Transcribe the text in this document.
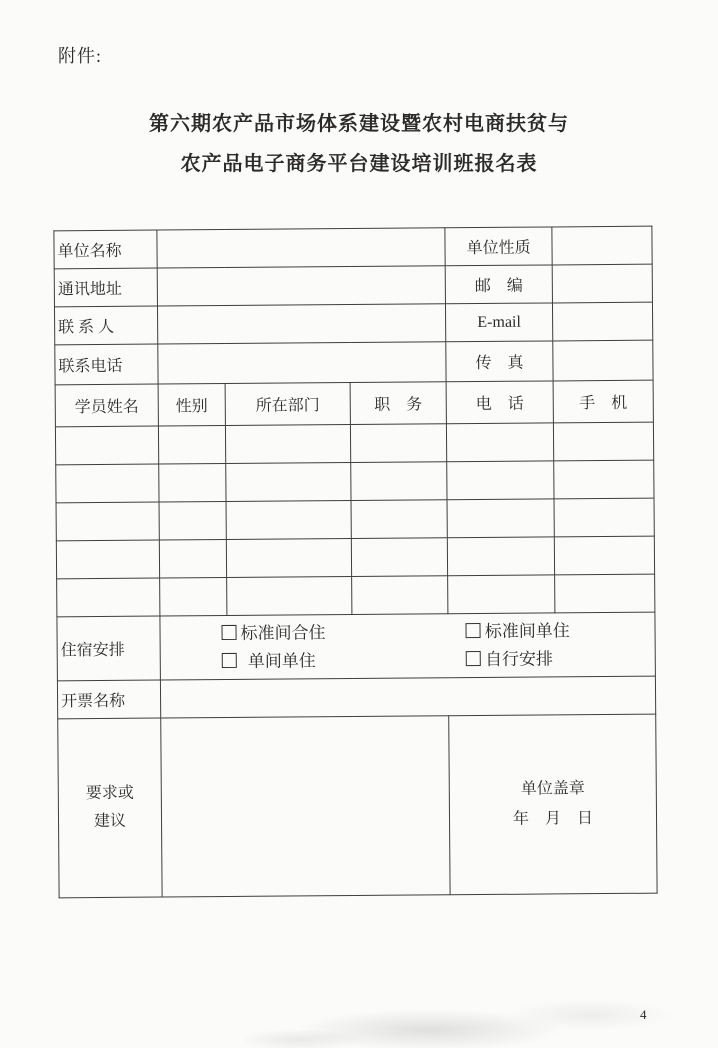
附件:
第六期农产品市场体系建设暨农村电商扶贫与
农产品电子商务平台建设培训班报名表
单位名称				单位性质	
通讯地址				邮　编	
联 系 人				E-mail	
联系电话				传　真	
学员姓名	性别	所在部门	职　务	电　话	手　机

住宿安排	标准间合住 标准间单住
单间单住 自行安排				

开票名称					

要求或
建议

单位盖章
年　月　日
4
